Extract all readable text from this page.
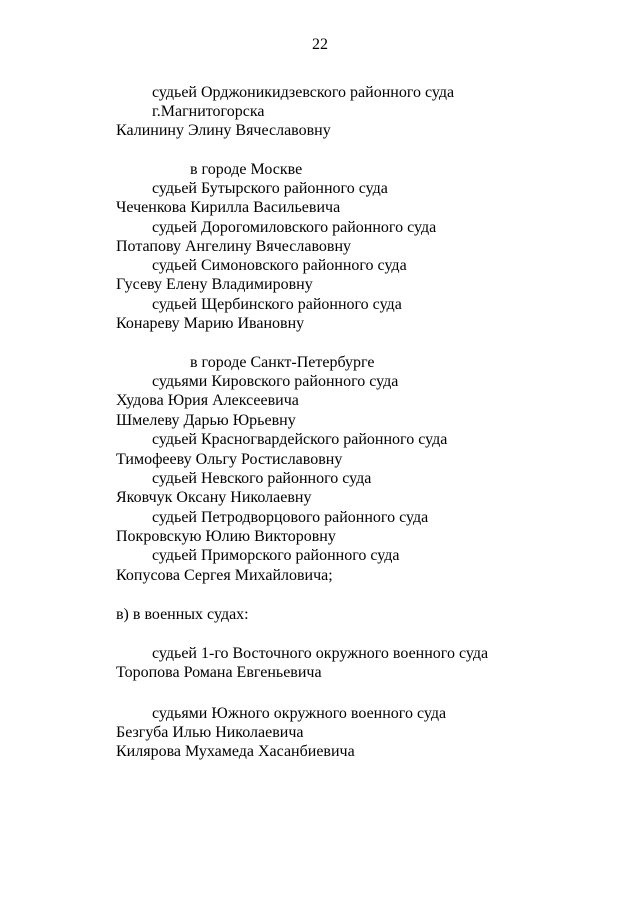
22
судьей Орджоникидзевского районного суда
г.Магнитогорска
Калинину Элину Вячеславовну
в городе Москве
судьей Бутырского районного суда
Чеченкова Кирилла Васильевича
судьей Дорогомиловского районного суда
Потапову Ангелину Вячеславовну
судьей Симоновского районного суда
Гусеву Елену Владимировну
судьей Щербинского районного суда
Конареву Марию Ивановну
в городе Санкт-Петербурге
судьями Кировского районного суда
Худова Юрия Алексеевича
Шмелеву Дарью Юрьевну
судьей Красногвардейского районного суда
Тимофееву Ольгу Ростиславовну
судьей Невского районного суда
Яковчук Оксану Николаевну
судьей Петродворцового районного суда
Покровскую Юлию Викторовну
судьей Приморского районного суда
Копусова Сергея Михайловича;
в) в военных судах:
судьей 1-го Восточного окружного военного суда
Торопова Романа Евгеньевича
судьями Южного окружного военного суда
Безгуба Илью Николаевича
Килярова Мухамеда Хасанбиевича
